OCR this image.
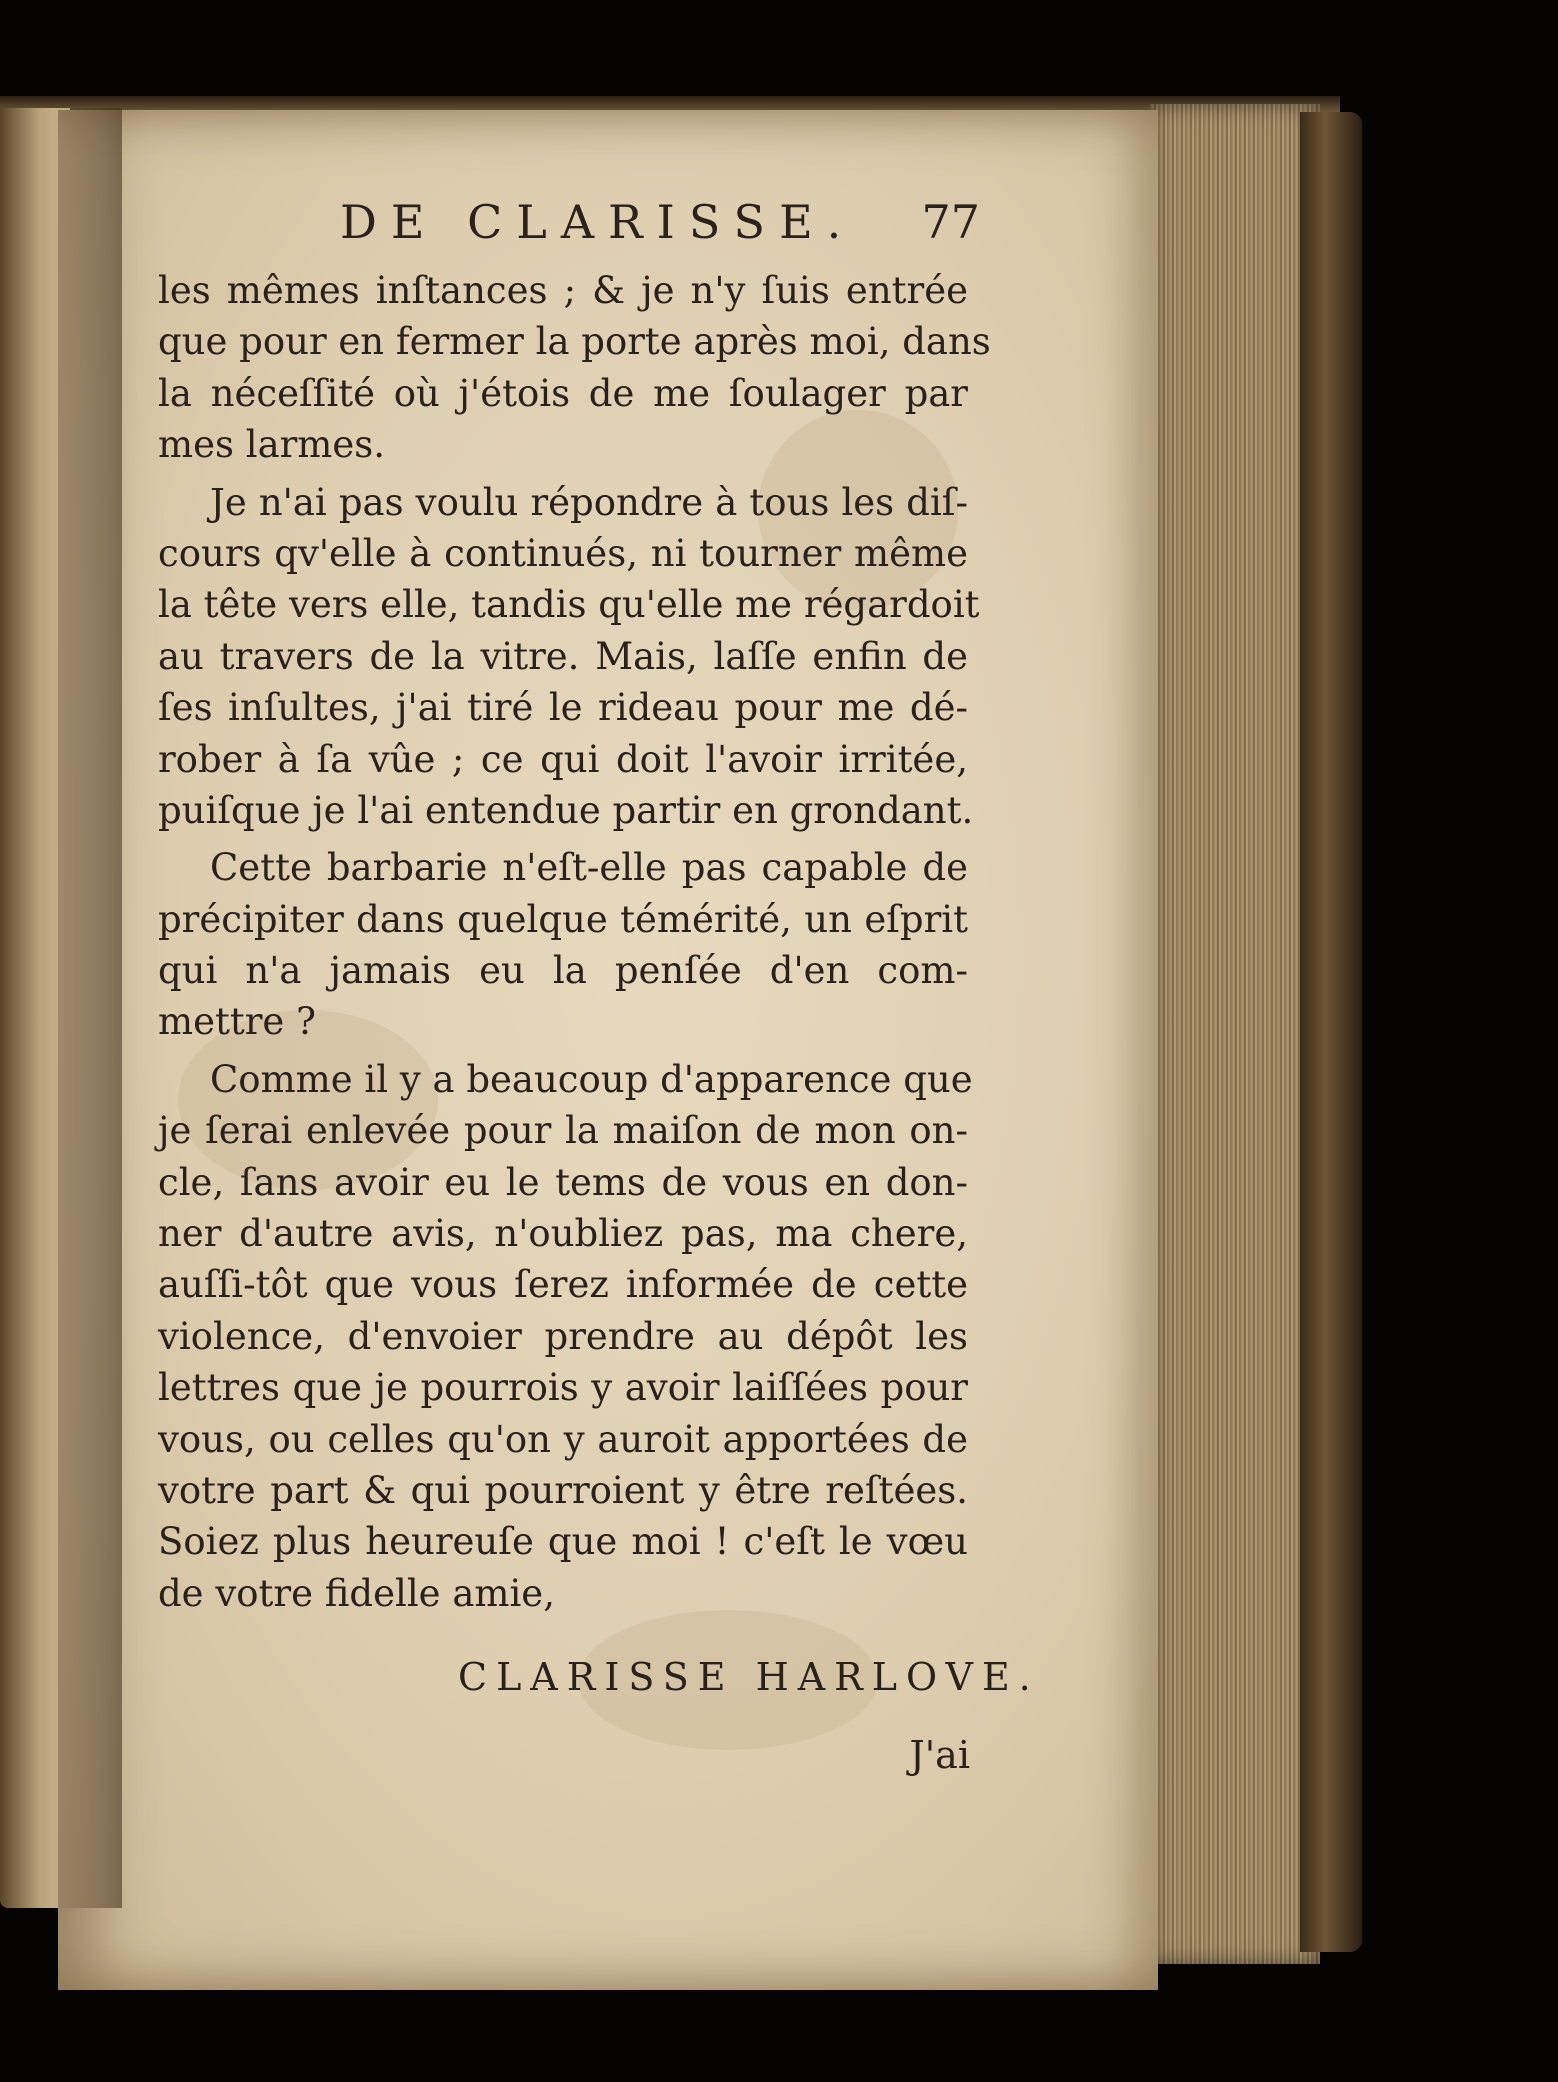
DE CLARISSE. 77
les mêmes inſtances ; & je n'y ſuis entrée
que pour en fermer la porte après moi, dans
la néceſſité où j'étois de me ſoulager par
mes larmes.
Je n'ai pas voulu répondre à tous les diſ-
cours qv'elle à continués, ni tourner même
la tête vers elle, tandis qu'elle me régardoit
au travers de la vitre. Mais, laſſe enfin de
ſes inſultes, j'ai tiré le rideau pour me dé-
rober à ſa vûe ; ce qui doit l'avoir irritée,
puiſque je l'ai entendue partir en grondant.
Cette barbarie n'eſt-elle pas capable de
précipiter dans quelque témérité, un eſprit
qui n'a jamais eu la penſée d'en com-
mettre ?
Comme il y a beaucoup d'apparence que
je ſerai enlevée pour la maiſon de mon on-
cle, ſans avoir eu le tems de vous en don-
ner d'autre avis, n'oubliez pas, ma chere,
auſſi-tôt que vous ſerez informée de cette
violence, d'envoier prendre au dépôt les
lettres que je pourrois y avoir laiſſées pour
vous, ou celles qu'on y auroit apportées de
votre part & qui pourroient y être reſtées.
Soiez plus heureuſe que moi ! c'eſt le vœu
de votre fidelle amie,
CLARISSE HARLOVE.
J'ai
